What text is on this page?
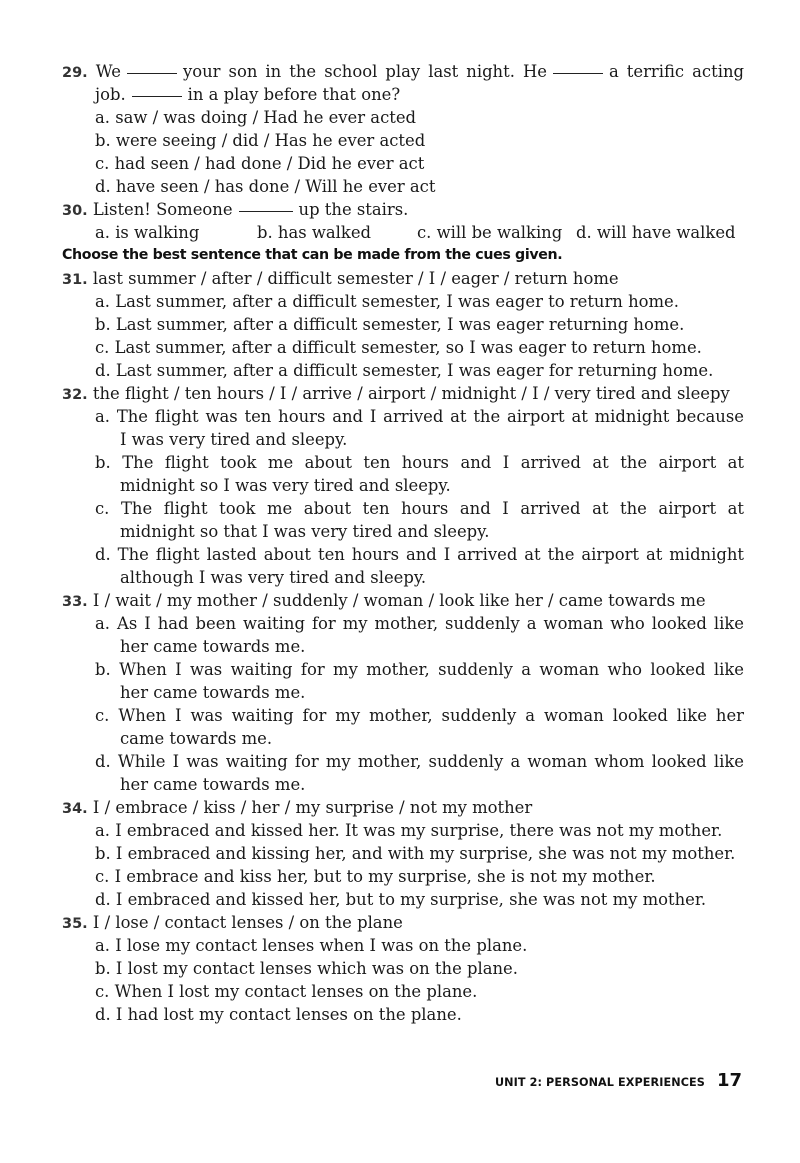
29. We	your son in the school play last night. He	a terrific acting
job.	in a play before that one?
a. saw / was doing / Had he ever acted
b. were seeing / did / Has he ever acted
c. had seen / had done / Did he ever act
d. have seen / has done / Will he ever act
30. Listen! Someone	up the stairs.
a. is walking	b. has walked	c. will be walking d. will have walked
Choose the best sentence that can be made from the cues given.
31. last summer / after / difficult semester / I / eager / return home
a. Last summer, after a difficult semester, I was eager to return home.
b. Last summer, after a difficult semester, I was eager returning home.
c. Last summer, after a difficult semester, so I was eager to return home.
d. Last summer, after a difficult semester, I was eager for returning home.
32. the flight / ten hours / I / arrive / airport / midnight / I / very tired and sleepy
a. The flight was ten hours and I arrived at the airport at midnight because
I was very tired and sleepy.
b. The flight took me about ten hours and I arrived at the airport at
midnight so I was very tired and sleepy.
c. The flight took me about ten hours and I arrived at the airport at
midnight so that I was very tired and sleepy.
d. The flight lasted about ten hours and I arrived at the airport at midnight
although I was very tired and sleepy.
33. I / wait / my mother / suddenly / woman / look like her / came towards me
a. As I had been waiting for my mother, suddenly a woman who looked like
her came towards me.
b. When I was waiting for my mother, suddenly a woman who looked like
her came towards me.
c. When I was waiting for my mother, suddenly a woman looked like her
came towards me.
d. While I was waiting for my mother, suddenly a woman whom looked like
her came towards me.
34. I / embrace / kiss / her / my surprise / not my mother
a. I embraced and kissed her. It was my surprise, there was not my mother.
b. I embraced and kissing her, and with my surprise, she was not my mother.
c. I embrace and kiss her, but to my surprise, she is not my mother.
d. I embraced and kissed her, but to my surprise, she was not my mother.
35. I / lose / contact lenses / on the plane
a. I lose my contact lenses when I was on the plane.
b. I lost my contact lenses which was on the plane.
c. When I lost my contact lenses on the plane.
d. I had lost my contact lenses on the plane.
UNIT 2: PERSONAL EXPERIENCES 17
